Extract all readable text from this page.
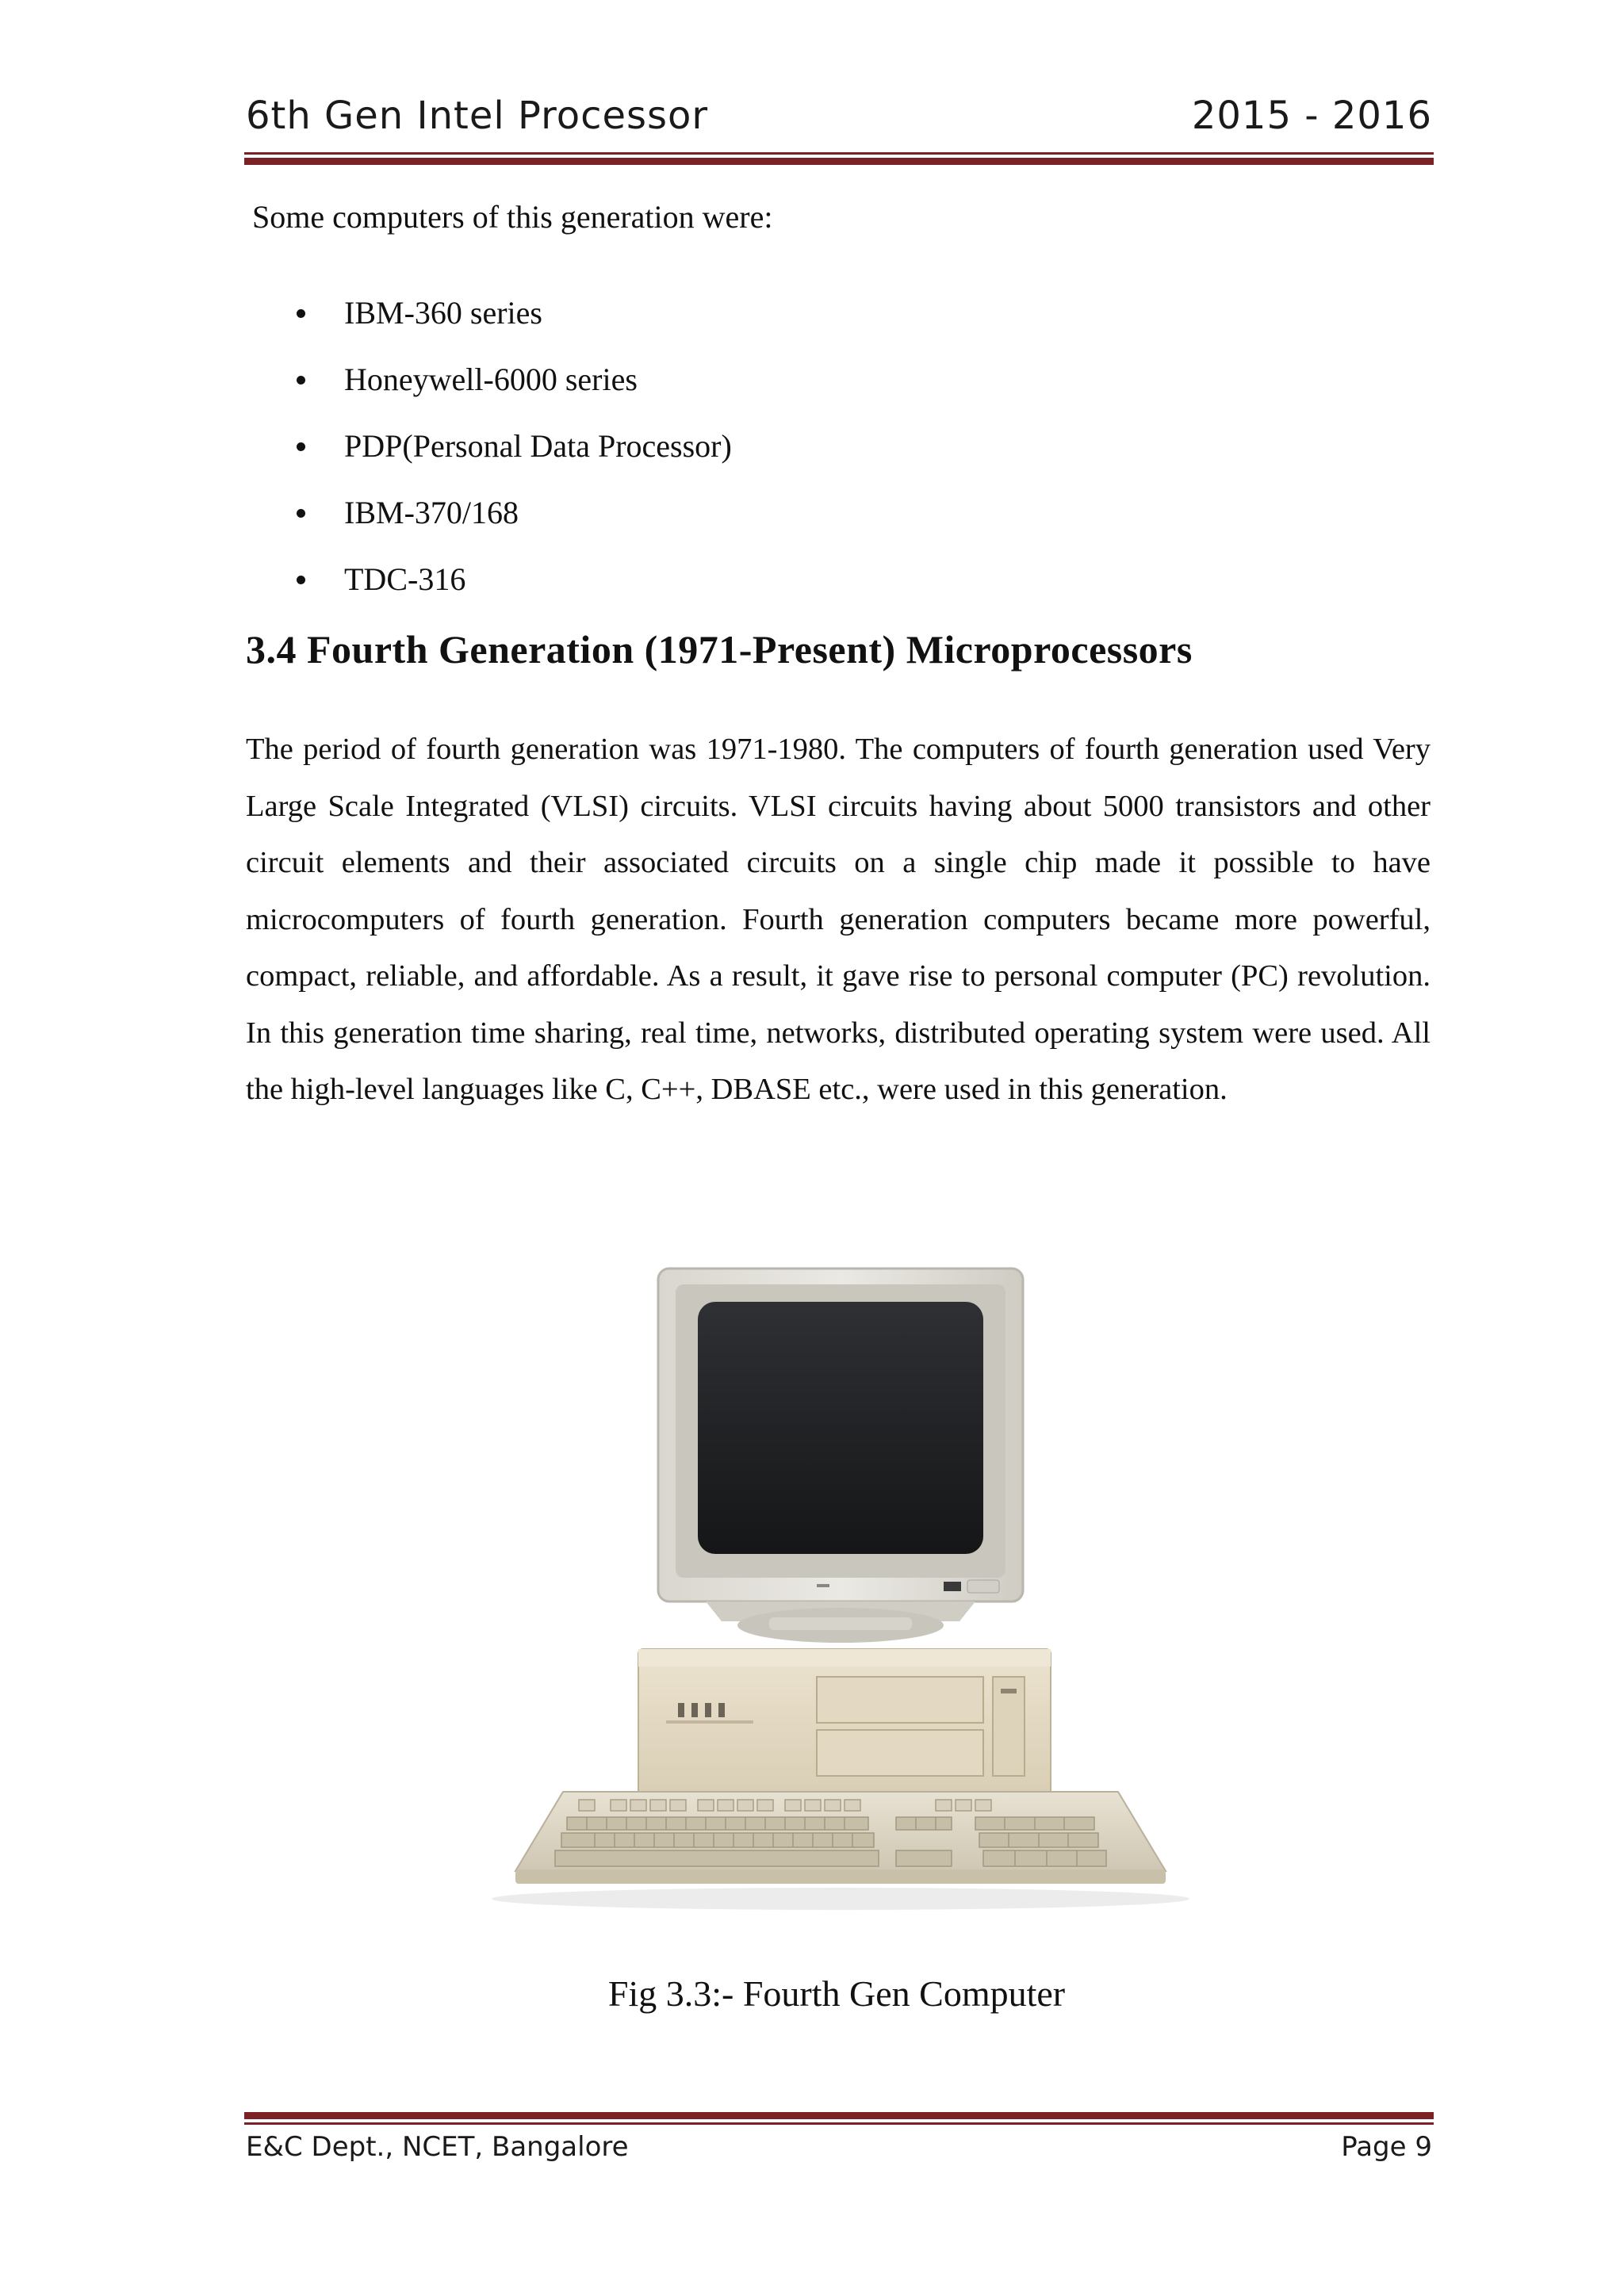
6th Gen Intel Processor	2015 - 2016

Some computers of this generation were:

IBM-360 series
Honeywell-6000 series
PDP(Personal Data Processor)
IBM-370/168
TDC-316
3.4 Fourth Generation (1971-Present) Microprocessors

The period of fourth generation was 1971-1980. The computers of fourth generation used Very Large Scale Integrated (VLSI) circuits. VLSI circuits having about 5000 transistors and other circuit elements and their associated circuits on a single chip made it possible to have microcomputers of fourth generation. Fourth generation computers became more powerful, compact, reliable, and affordable. As a result, it gave rise to personal computer (PC) revolution. In this generation time sharing, real time, networks, distributed operating system were used. All the high-level languages like C, C++, DBASE etc., were used in this generation.

Fig 3.3:- Fourth Gen Computer

E&C Dept., NCET, Bangalore	Page 9
